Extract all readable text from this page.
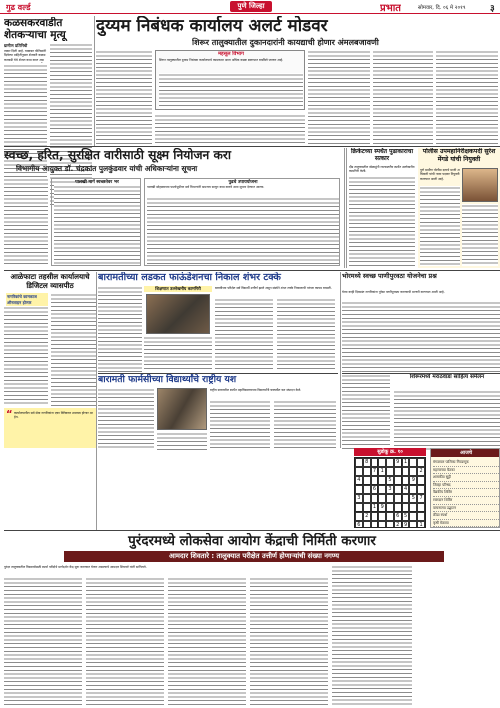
गुढ वर्ल्ड	पुणे जिल्हा	प्रभात	सोमवार, दि. ०६ मे २०१९	३
कळसकरवाडीत शेतकऱ्याचा मृत्यू
ग्रामीण प्रतिनिधी
तक्रार दिली आहे. याबाबत पोलिसांनी दिलेल्या माहितीनुसार शेतकरी कळसकरवाडी येथे शेतात काम करत अस
दुय्यम निबंधक कार्यालय अलर्ट मोडवर
शिरूर तालुक्यातील दुकानदारांनी कायद्याची होणार अंमलबजावणी
महसूल विभाग
शिरूर तालुक्यातील दुय्यम निबंधक कार्यालयाचे कामकाज आता अधिक कडक स्वरूपात राबविले जाणार आहे.
स्वच्छ, हरित, सुरक्षित वारीसाठी सूक्ष्म नियोजन करा
विभागीय आयुक्त डॉ. चंद्रकांत पुलकुंडवार यांची अधिकाऱ्यांना सूचना
पालखी मार्ग स्वच्छतेवर भर	पुढचे उपाययोजना
पालखी सोहळ्याच्या पार्श्वभूमीवर सर्व विभागांनी समन्वय साधून काम करावे अशा सूचना देण्यात आल्या.
क्रिकेटच्या स्पर्धेत पुढाकाराचा सत्कार
दौंड तालुक्यातील खेळाडूंनी राज्यस्तरीय स्पर्धेत उल्लेखनीय कामगिरी केली.
पोलीस उपमहानिरीक्षकपदी सुरेश मेंगडे यांची नियुक्ती
पुणे ग्रामीण पोलीस दलाचे माजी अधिकारी यांची नव्या पदावर नियुक्ती करण्यात आली आहे.
आळेफाटा तहसील कार्यालयाचे डिजिटल व्यासपीठ
नागरिकांचे कामकाज ऑनलाइन होणार
“ कार्यालयातील सर्व सेवा नागरिकांना एका क्लिकवर उपलब्ध होणार आहेत.
बारामतीच्या लडकत फाऊंडेशनचा निकाल शंभर टक्के
शिक्षणात उल्लेखनीय कामगिरी	बारावीच्या परीक्षेत सर्व विद्यार्थी उत्तीर्ण झाले असून संस्थेने शंभर टक्के निकालाची परंपरा कायम राखली.
बारामती फार्मसीच्या विद्यार्थ्यांचे राष्ट्रीय यश
राष्ट्रीय स्तरावरील स्पर्धेत महाविद्यालयाच्या विद्यार्थ्यांनी घवघवीत यश संपादन केले.
भोरमध्ये स्वच्छ पाणीपुरवठा योजनेचा प्रश्न
येत्या काही दिवसांत नागरिकांना पुरेसा पाणीपुरवठा करण्याची मागणी करण्यात आली आहे.
शिरूरमध्ये मराठवाडा साहित्य संमेलन
सुडोकू क्र. १०
8	9 1
7 1	2
4	5	9
6	3	4
3	5 7
1 9
2	6 5
6	2 9	1
आजचे
मंगळवार पालिका निवडणूक
महत्त्वाच्या बैठका
शासकीय सुट्टी
जिल्हा परिषद
वैद्यकीय शिबिर
रक्तदान शिबिर
वाचनालय उद्घाटन
क्रीडा स्पर्धा
कृषी मेळावा
पुरंदरमध्ये लोकसेवा आयोग केंद्राची निर्मिती करणार
आमदार शिवतारे : तालुक्यात परीक्षेत उत्तीर्ण होणाऱ्यांची संख्या नगण्य
पुरंदर तालुक्यातील विद्यार्थ्यांसाठी स्पर्धा परीक्षेचे मार्गदर्शन केंद्र सुरू करण्यात येणार असल्याचे आमदार शिवतारे यांनी सांगितले.
